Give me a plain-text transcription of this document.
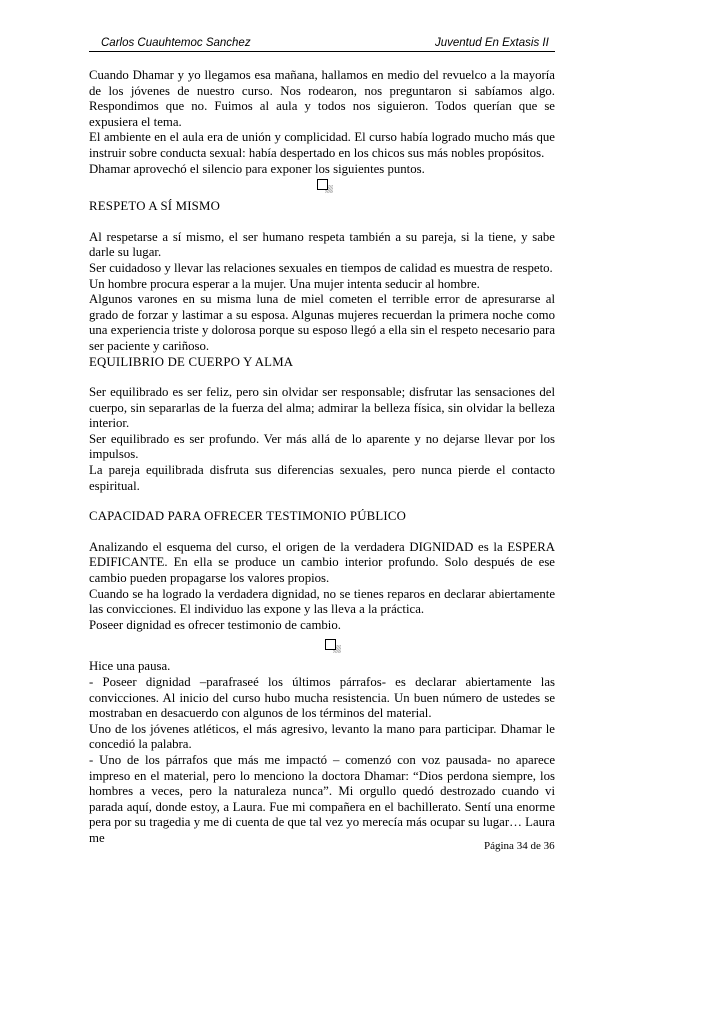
Carlos Cuauhtemoc Sanchez	Juventud En Extasis II

Cuando Dhamar y yo llegamos esa mañana, hallamos en medio del revuelco a la mayoría de los jóvenes de nuestro curso. Nos rodearon, nos preguntaron si sabíamos algo. Respondimos que no. Fuimos al aula y todos nos siguieron. Todos querían que se expusiera el tema.

El ambiente en el aula era de unión y complicidad. El curso había logrado mucho más que instruir sobre conducta sexual: había despertado en los chicos sus más nobles propósitos.

Dhamar aprovechó el silencio para exponer los siguientes puntos.

RESPETO A SÍ MISMO

Al respetarse a sí mismo, el ser humano respeta también a su pareja, si la tiene, y sabe darle su lugar.

Ser cuidadoso y llevar las relaciones sexuales en tiempos de calidad es muestra de respeto.

Un hombre procura esperar a la mujer. Una mujer intenta seducir al hombre.

Algunos varones en su misma luna de miel cometen el terrible error de apresurarse al grado de forzar y lastimar a su esposa. Algunas mujeres recuerdan la primera noche como una experiencia triste y dolorosa porque su esposo llegó a ella sin el respeto necesario para ser paciente y cariñoso.

EQUILIBRIO DE CUERPO Y ALMA

Ser equilibrado es ser feliz, pero sin olvidar ser responsable; disfrutar las sensaciones del cuerpo, sin separarlas de la fuerza del alma; admirar la belleza física, sin olvidar la belleza interior.

Ser equilibrado es ser profundo. Ver más allá de lo aparente y no dejarse llevar por los impulsos.

La pareja equilibrada disfruta sus diferencias sexuales, pero nunca pierde el contacto espiritual.

CAPACIDAD PARA OFRECER TESTIMONIO PÚBLICO

Analizando el esquema del curso, el origen de la verdadera DIGNIDAD es la ESPERA EDIFICANTE. En ella se produce un cambio interior profundo. Solo después de ese cambio pueden propagarse los valores propios.

Cuando se ha logrado la verdadera dignidad, no se tienes reparos en declarar abiertamente las convicciones. El individuo las expone y las lleva a la práctica.

Poseer dignidad es ofrecer testimonio de cambio.

Hice una pausa.

- Poseer dignidad –parafraseé los últimos párrafos- es declarar abiertamente las convicciones. Al inicio del curso hubo mucha resistencia. Un buen número de ustedes se mostraban en desacuerdo con algunos de los términos del material.

Uno de los jóvenes atléticos, el más agresivo, levanto la mano para participar. Dhamar le concedió la palabra.

- Uno de los párrafos que más me impactó – comenzó con voz pausada- no aparece impreso en el material, pero lo menciono la doctora Dhamar: “Dios perdona siempre, los hombres a veces, pero la naturaleza nunca”. Mi orgullo quedó destrozado cuando vi parada aquí, donde estoy, a Laura. Fue mi compañera en el bachillerato. Sentí una enorme pera por su tragedia y me di cuenta de que tal vez yo merecía más ocupar su lugar… Laura me

Página 34 de 36
